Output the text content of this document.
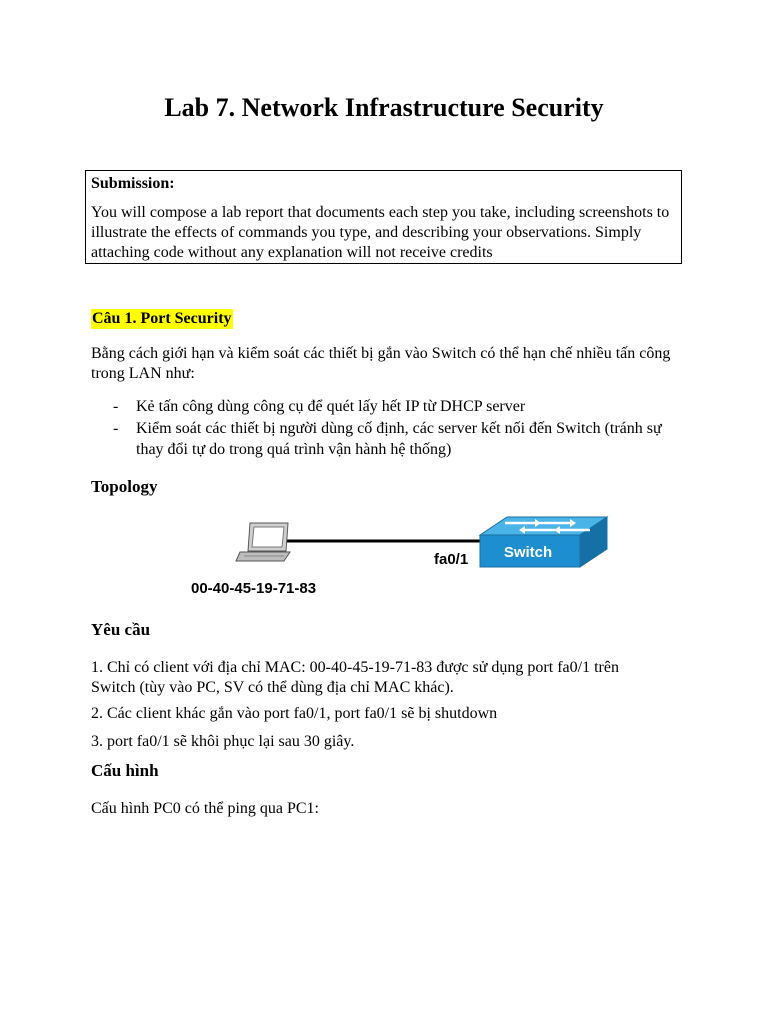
Lab 7. Network Infrastructure Security

Submission:

You will compose a lab report that documents each step you take, including screenshots to illustrate the effects of commands you type, and describing your observations. Simply attaching code without any explanation will not receive credits

Câu 1. Port Security

Bằng cách giới hạn và kiểm soát các thiết bị gắn vào Switch có thể hạn chế nhiều tấn công trong LAN như:

- Kẻ tấn công dùng công cụ để quét lấy hết IP từ DHCP server
- Kiểm soát các thiết bị người dùng cố định, các server kết nối đến Switch (tránh sự thay đổi tự do trong quá trình vận hành hệ thống)
Topology
Switch
fa0/1
00-40-45-19-71-83
Yêu cầu

1. Chỉ có client với địa chỉ MAC: 00-40-45-19-71-83 được sử dụng port fa0/1 trên Switch (tùy vào PC, SV có thể dùng địa chỉ MAC khác).

2. Các client khác gắn vào port fa0/1, port fa0/1 sẽ bị shutdown

3. port fa0/1 sẽ khôi phục lại sau 30 giây.

Cấu hình

Cấu hình PC0 có thể ping qua PC1:
